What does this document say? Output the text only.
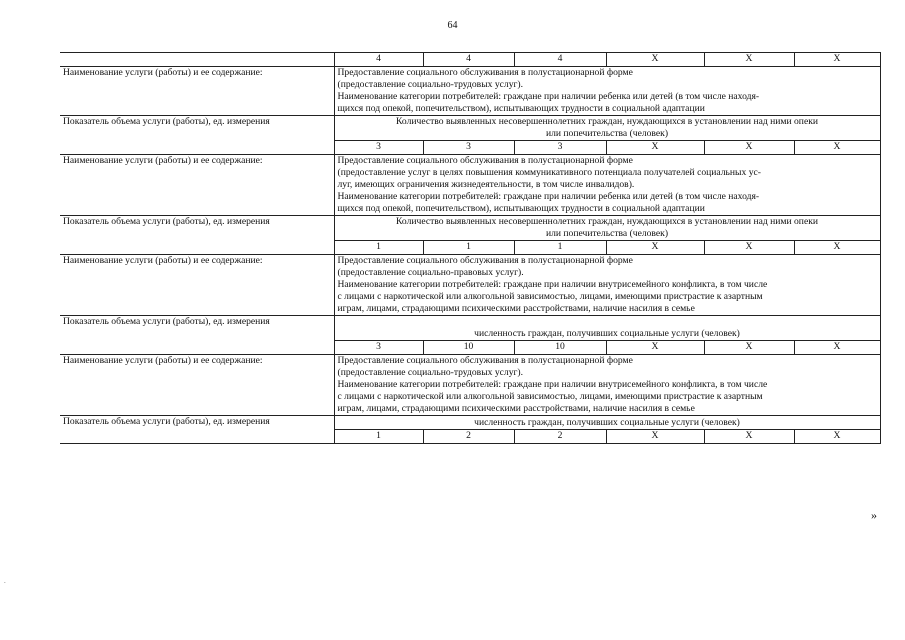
64
	4	4	4	Х	Х	Х
Наименование услуги (работы) и ее содержание:	Предоставление социального обслуживания в полустационарной форме
(предоставление социально-трудовых услуг).
Наименование категории потребителей: граждане при наличии ребенка или детей (в том числе находя-
щихся под опекой, попечительством), испытывающих трудности в социальной адаптации					

Показатель объема услуги (работы), ед. измерения	Количество выявленных несовершеннолетних граждан, нуждающихся в установлении над ними опеки
или попечительства (человек)					

	3	3	3	Х	Х	Х
Наименование услуги (работы) и ее содержание:	Предоставление социального обслуживания в полустационарной форме
(предоставление услуг в целях повышения коммуникативного потенциала получателей социальных ус-
луг, имеющих ограничения жизнедеятельности, в том числе инвалидов).
Наименование категории потребителей: граждане при наличии ребенка или детей (в том числе находя-
щихся под опекой, попечительством), испытывающих трудности в социальной адаптации					

Показатель объема услуги (работы), ед. измерения	Количество выявленных несовершеннолетних граждан, нуждающихся в установлении над ними опеки
или попечительства (человек)					

	1	1	1	Х	Х	Х
Наименование услуги (работы) и ее содержание:	Предоставление социального обслуживания в полустационарной форме
(предоставление социально-правовых услуг).
Наименование категории потребителей: граждане при наличии внутрисемейного конфликта, в том числе
с лицами с наркотической или алкогольной зависимостью, лицами, имеющими пристрастие к азартным
играм, лицами, страдающими психическими расстройствами, наличие насилия в семье					

Показатель объема услуги (работы), ед. измерения	численность граждан, получивших социальные услуги (человек)					

	3	10	10	Х	Х	Х
Наименование услуги (работы) и ее содержание:	Предоставление социального обслуживания в полустационарной форме
(предоставление социально-трудовых услуг).
Наименование категории потребителей: граждане при наличии внутрисемейного конфликта, в том числе
с лицами с наркотической или алкогольной зависимостью, лицами, имеющими пристрастие к азартным
играм, лицами, страдающими психическими расстройствами, наличие насилия в семье					

Показатель объема услуги (работы), ед. измерения	численность граждан, получивших социальные услуги (человек)					

	1	2	2	Х	Х	Х
»
.
